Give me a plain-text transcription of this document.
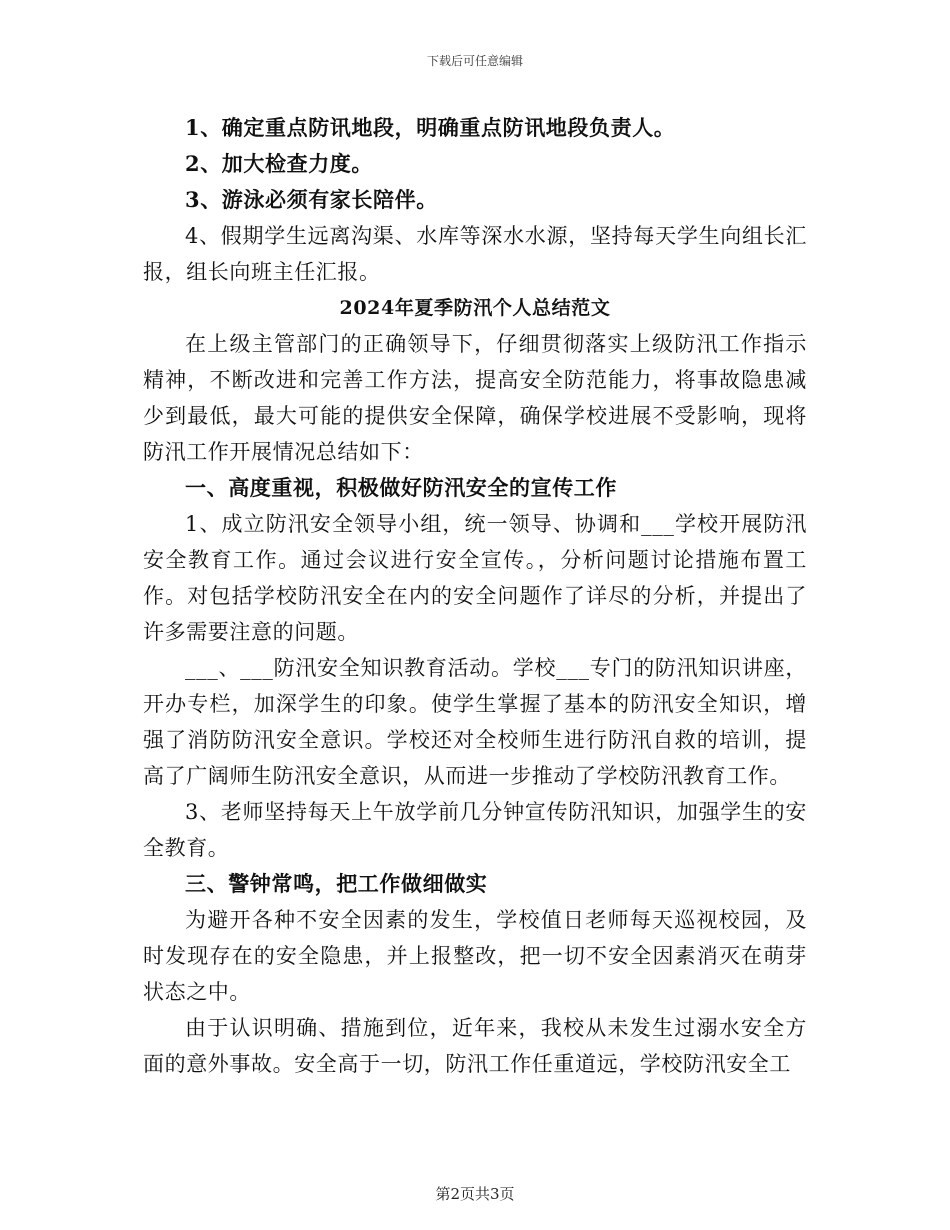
下载后可任意编辑

1、确定重点防讯地段，明确重点防讯地段负责人。

2、加大检查力度。

3、游泳必须有家长陪伴。

4、假期学生远离沟渠、水库等深水水源，坚持每天学生向组长汇报，组长向班主任汇报。

2024年夏季防汛个人总结范文

在上级主管部门的正确领导下，仔细贯彻落实上级防汛工作指示精神，不断改进和完善工作方法，提高安全防范能力，将事故隐患减少到最低，最大可能的提供安全保障，确保学校进展不受影响，现将防汛工作开展情况总结如下：

一、高度重视，积极做好防汛安全的宣传工作

1、成立防汛安全领导小组，统一领导、协调和___学校开展防汛安全教育工作。通过会议进行安全宣传。，分析问题讨论措施布置工作。对包括学校防汛安全在内的安全问题作了详尽的分析，并提出了许多需要注意的问题。

___、___防汛安全知识教育活动。学校___专门的防汛知识讲座，开办专栏，加深学生的印象。使学生掌握了基本的防汛安全知识，增强了消防防汛安全意识。学校还对全校师生进行防汛自救的培训，提高了广阔师生防汛安全意识，从而进一步推动了学校防汛教育工作。

3、老师坚持每天上午放学前几分钟宣传防汛知识，加强学生的安全教育。

三、警钟常鸣，把工作做细做实

为避开各种不安全因素的发生，学校值日老师每天巡视校园，及时发现存在的安全隐患，并上报整改，把一切不安全因素消灭在萌芽状态之中。

由于认识明确、措施到位，近年来，我校从未发生过溺水安全方面的意外事故。安全高于一切，防汛工作任重道远，学校防汛安全工

第2页共3页
